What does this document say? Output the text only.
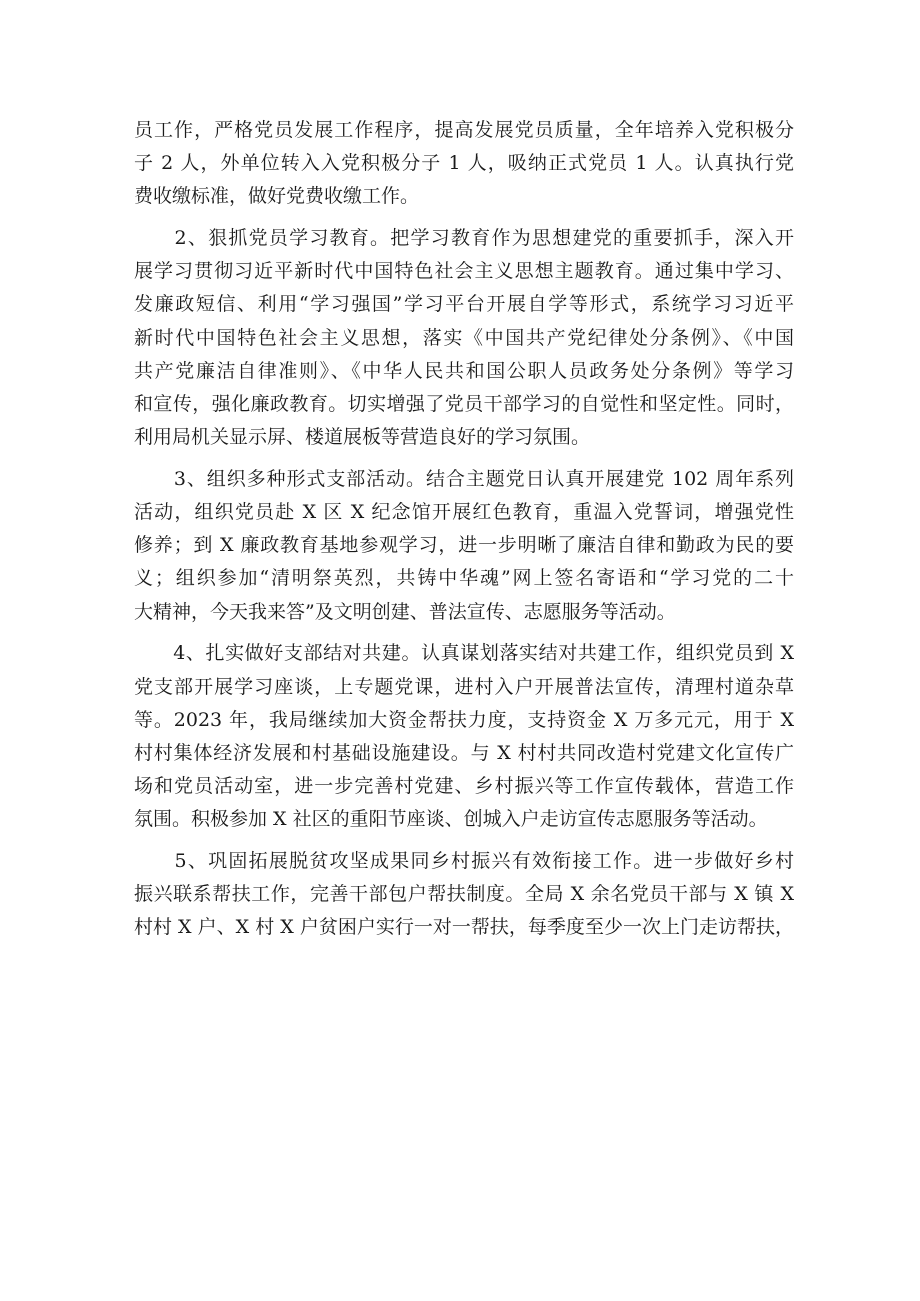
员工作，严格党员发展工作程序，提高发展党员质量，全年培养入党积极分
子 2 人，外单位转入入党积极分子 1 人，吸纳正式党员 1 人。认真执行党
费收缴标准，做好党费收缴工作。
　　2、狠抓党员学习教育。把学习教育作为思想建党的重要抓手，深入开
展学习贯彻习近平新时代中国特色社会主义思想主题教育。通过集中学习、
发廉政短信、利用“学习强国”学习平台开展自学等形式，系统学习习近平
新时代中国特色社会主义思想，落实《中国共产党纪律处分条例》、《中国
共产党廉洁自律准则》、《中华人民共和国公职人员政务处分条例》等学习
和宣传，强化廉政教育。切实增强了党员干部学习的自觉性和坚定性。同时，
利用局机关显示屏、楼道展板等营造良好的学习氛围。
　　3、组织多种形式支部活动。结合主题党日认真开展建党 102 周年系列
活动，组织党员赴 X 区 X 纪念馆开展红色教育，重温入党誓词，增强党性
修养；到 X 廉政教育基地参观学习，进一步明晰了廉洁自律和勤政为民的要
义；组织参加“清明祭英烈，共铸中华魂”网上签名寄语和“学习党的二十
大精神，今天我来答”及文明创建、普法宣传、志愿服务等活动。
　　4、扎实做好支部结对共建。认真谋划落实结对共建工作，组织党员到 X
党支部开展学习座谈，上专题党课，进村入户开展普法宣传，清理村道杂草
等。2023 年，我局继续加大资金帮扶力度，支持资金 X 万多元元，用于 X
村村集体经济发展和村基础设施建设。与 X 村村共同改造村党建文化宣传广
场和党员活动室，进一步完善村党建、乡村振兴等工作宣传载体，营造工作
氛围。积极参加 X 社区的重阳节座谈、创城入户走访宣传志愿服务等活动。
　　5、巩固拓展脱贫攻坚成果同乡村振兴有效衔接工作。进一步做好乡村
振兴联系帮扶工作，完善干部包户帮扶制度。全局 X 余名党员干部与 X 镇 X
村村 X 户、X 村 X 户贫困户实行一对一帮扶，每季度至少一次上门走访帮扶，
